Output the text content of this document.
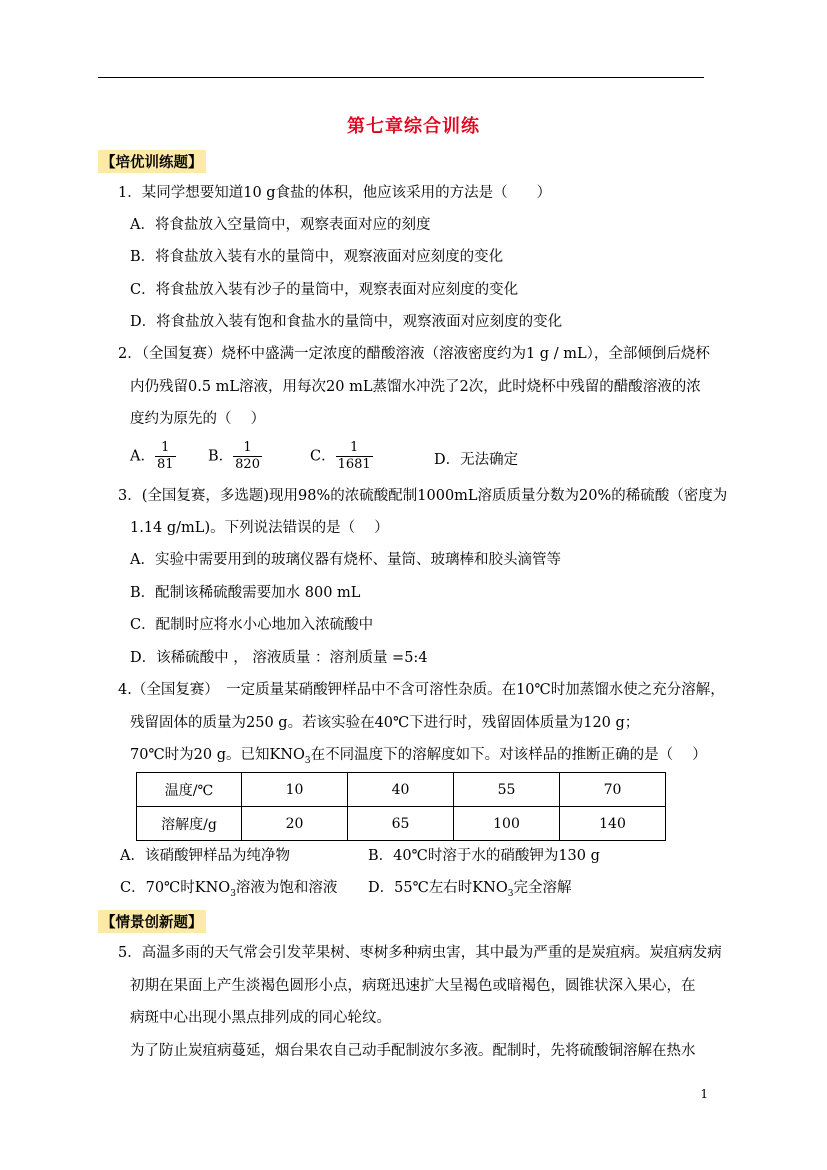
第七章综合训练
【培优训练题】
1．某同学想要知道10 g食盐的体积，他应该采用的方法是（　　）
A．将食盐放入空量筒中，观察表面对应的刻度
B．将食盐放入装有水的量筒中，观察液面对应刻度的变化
C．将食盐放入装有沙子的量筒中，观察表面对应刻度的变化
D．将食盐放入装有饱和食盐水的量筒中，观察液面对应刻度的变化
2．（全国复赛）烧杯中盛满一定浓度的醋酸溶液（溶液密度约为1 g / mL），全部倾倒后烧杯
内仍残留0.5 mL溶液，用每次20 mL蒸馏水冲洗了2次，此时烧杯中残留的醋酸溶液的浓
度约为原先的（　 ）
A． $\frac{1}{81}$ B． $\frac{1}{820}$	C． $\frac{1}{1681}$	D．无法确定
3．(全国复赛，多选题)现用98%的浓硫酸配制1000mL溶质质量分数为20%的稀硫酸（密度为
1.14 g/mL)。下列说法错误的是（　 ）
A．实验中需要用到的玻璃仪器有烧杯、量筒、玻璃棒和胶头滴管等
B．配制该稀硫酸需要加水 800 mL
C．配制时应将水小心地加入浓硫酸中
D．该稀硫酸中 ， 溶液质量 ：溶剂质量 =5:4
4.（全国复赛）　一定质量某硝酸钾样品中不含可溶性杂质。在10℃时加蒸馏水使之充分溶解，
残留固体的质量为250 g。若该实验在40℃下进行时，残留固体质量为120 g；
70℃时为20 g。已知$KNO_3$在不同温度下的溶解度如下。对该样品的推断正确的是（　 ）
温度/℃	10	40	55	70
溶解度/g	20	65	100	140
A．该硝酸钾样品为纯净物	B．40℃时溶于水的硝酸钾为130 g
C．70℃时$KNO_3$溶液为饱和溶液 D．55℃左右时$KNO_3$完全溶解
【情景创新题】
5．高温多雨的天气常会引发苹果树、枣树多种病虫害，其中最为严重的是炭疽病。炭疽病发病
初期在果面上产生淡褐色圆形小点，病斑迅速扩大呈褐色或暗褐色，圆锥状深入果心，在
病斑中心出现小黑点排列成的同心轮纹。
为了防止炭疽病蔓延，烟台果农自己动手配制波尔多液。配制时，先将硫酸铜溶解在热水
1
